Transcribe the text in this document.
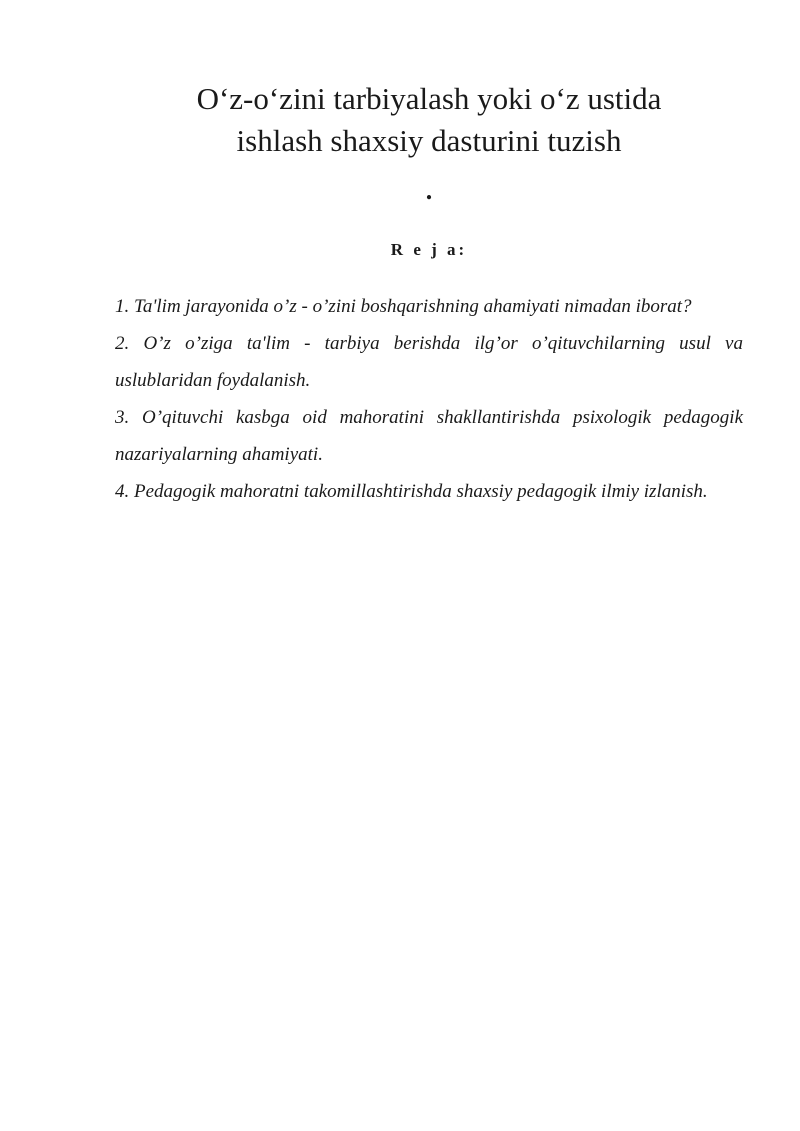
O‘z-o‘zini tarbiyalash yoki o‘z ustida
ishlash shaxsiy dasturini tuzish
.
R e j a:
1. Ta'lim jarayonida o’z - o’zini boshqarishning ahamiyati nimadan iborat?
2. O’z o’ziga ta'lim - tarbiya berishda ilg’or o’qituvchilarning usul va uslublaridan foydalanish.
3. O’qituvchi kasbga oid mahoratini shakllantirishda psixologik pedagogik nazariyalarning ahamiyati.
4. Pedagogik mahoratni takomillashtirishda shaxsiy pedagogik ilmiy izlanish.
